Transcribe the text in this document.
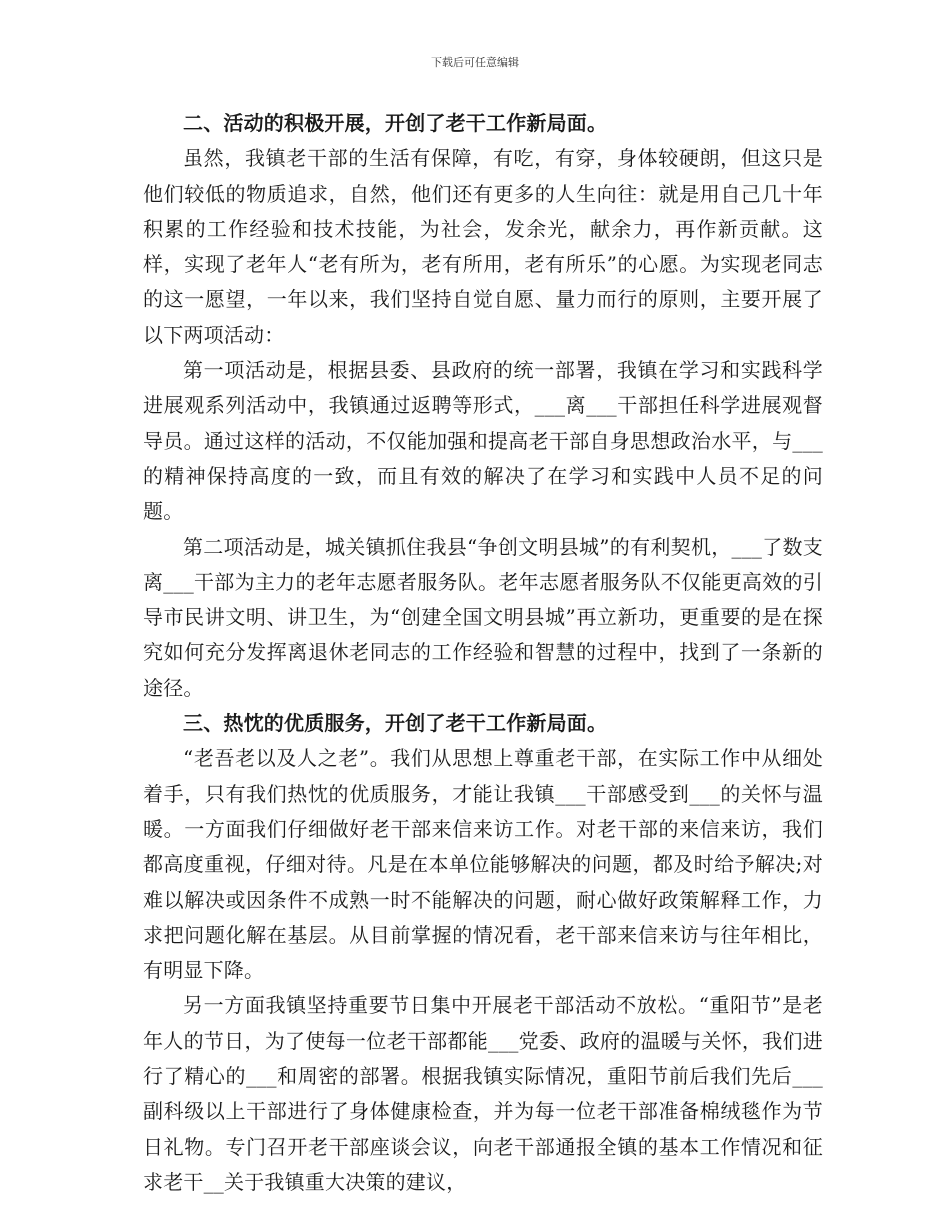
下载后可任意编辑

二、活动的积极开展，开创了老干工作新局面。

虽然，我镇老干部的生活有保障，有吃，有穿，身体较硬朗，但这只是他们较低的物质追求，自然，他们还有更多的人生向往：就是用自己几十年积累的工作经验和技术技能，为社会，发余光，献余力，再作新贡献。这样，实现了老年人“老有所为，老有所用，老有所乐”的心愿。为实现老同志的这一愿望，一年以来，我们坚持自觉自愿、量力而行的原则，主要开展了以下两项活动：

第一项活动是，根据县委、县政府的统一部署，我镇在学习和实践科学进展观系列活动中，我镇通过返聘等形式，___离___干部担任科学进展观督导员。通过这样的活动，不仅能加强和提高老干部自身思想政治水平，与___的精神保持高度的一致，而且有效的解决了在学习和实践中人员不足的问题。

第二项活动是，城关镇抓住我县“争创文明县城”的有利契机，___了数支离___干部为主力的老年志愿者服务队。老年志愿者服务队不仅能更高效的引导市民讲文明、讲卫生，为“创建全国文明县城”再立新功，更重要的是在探究如何充分发挥离退休老同志的工作经验和智慧的过程中，找到了一条新的途径。

三、热忱的优质服务，开创了老干工作新局面。

“老吾老以及人之老”。我们从思想上尊重老干部，在实际工作中从细处着手，只有我们热忱的优质服务，才能让我镇___干部感受到___的关怀与温暖。一方面我们仔细做好老干部来信来访工作。对老干部的来信来访，我们都高度重视，仔细对待。凡是在本单位能够解决的问题，都及时给予解决;对难以解决或因条件不成熟一时不能解决的问题，耐心做好政策解释工作，力求把问题化解在基层。从目前掌握的情况看，老干部来信来访与往年相比，有明显下降。

另一方面我镇坚持重要节日集中开展老干部活动不放松。“重阳节”是老年人的节日，为了使每一位老干部都能___党委、政府的温暖与关怀，我们进行了精心的___和周密的部署。根据我镇实际情况，重阳节前后我们先后___副科级以上干部进行了身体健康检查，并为每一位老干部准备棉绒毯作为节日礼物。专门召开老干部座谈会议，向老干部通报全镇的基本工作情况和征求老干__关于我镇重大决策的建议，
